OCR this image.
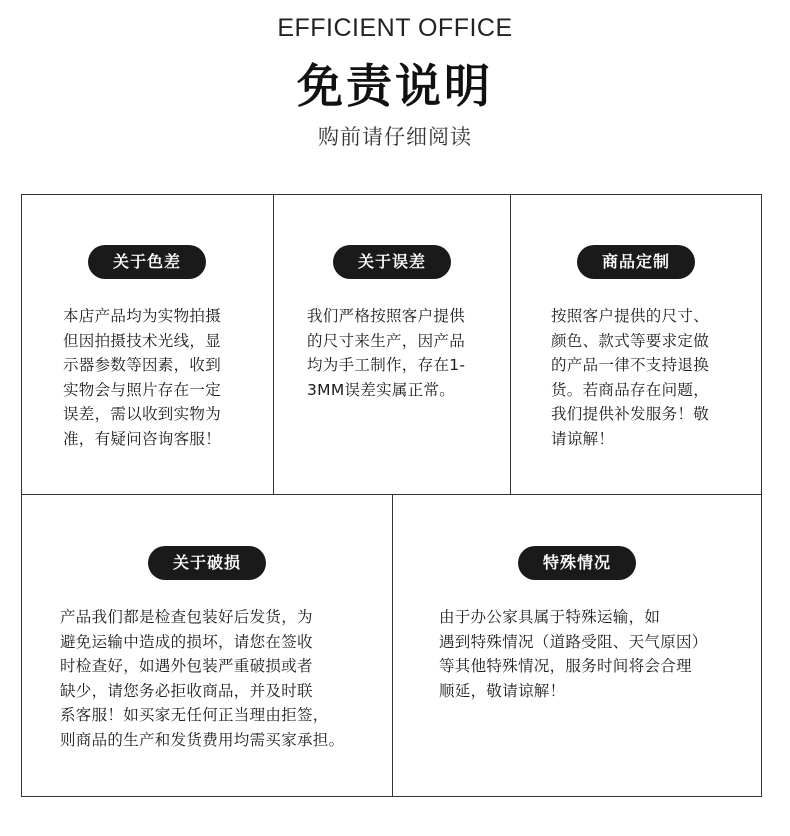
EFFICIENT OFFICE
免责说明
购前请仔细阅读
关于色差
本店产品均为实物拍摄
但因拍摄技术光线，显
示器参数等因素，收到
实物会与照片存在一定
误差，需以收到实物为
准，有疑问咨询客服！
关于误差
我们严格按照客户提供
的尺寸来生产，因产品
均为手工制作，存在1-
3MM误差实属正常。
商品定制
按照客户提供的尺寸、
颜色、款式等要求定做
的产品一律不支持退换
货。若商品存在问题，
我们提供补发服务！敬
请谅解！
关于破损
产品我们都是检查包装好后发货，为
避免运输中造成的损坏，请您在签收
时检查好，如遇外包装严重破损或者
缺少，请您务必拒收商品，并及时联
系客服！如买家无任何正当理由拒签，
则商品的生产和发货费用均需买家承担。
特殊情况
由于办公家具属于特殊运输，如
遇到特殊情况（道路受阻、天气原因）
等其他特殊情况，服务时间将会合理
顺延，敬请谅解！
